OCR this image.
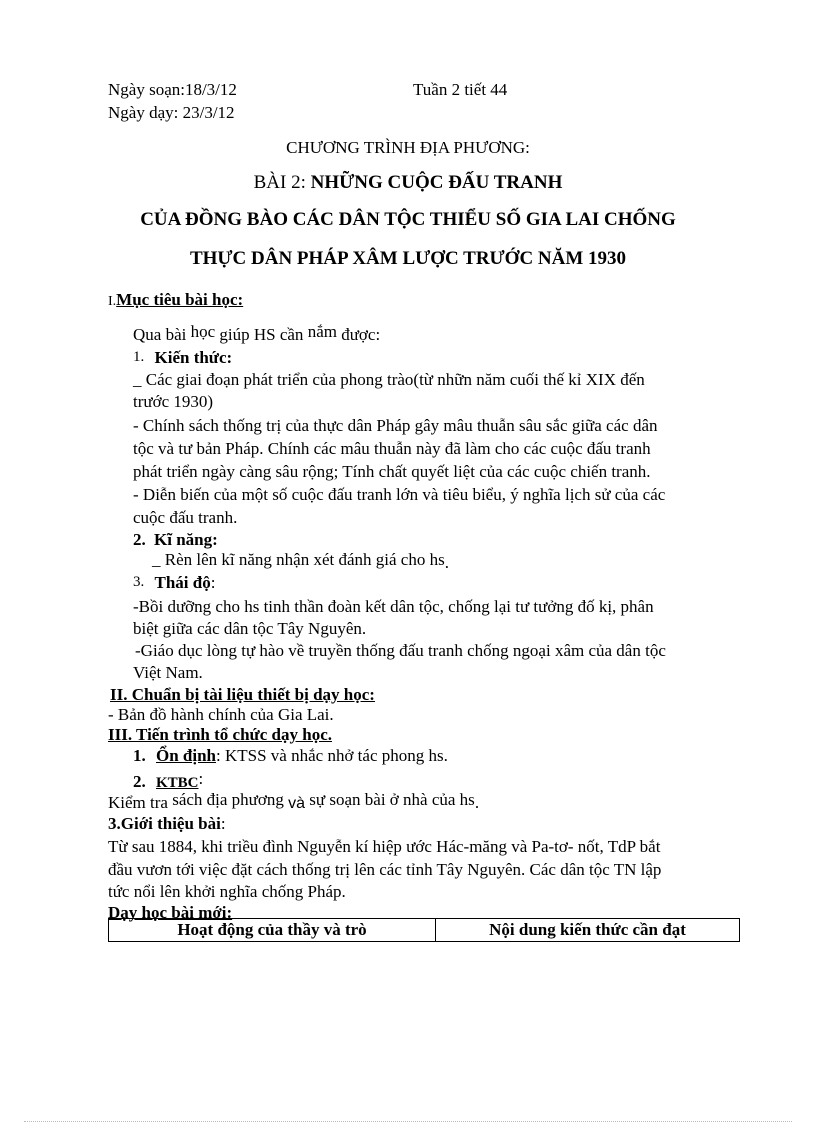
Ngày soạn:18/3/12	Tuần 2 tiết 44
Ngày dạy: 23/3/12
CHƯƠNG TRÌNH ĐỊA PHƯƠNG:
BÀI 2: NHỮNG CUỘC ĐẤU TRANH
CỦA ĐỒNG BÀO CÁC DÂN TỘC THIỂU SỐ GIA LAI CHỐNG
THỰC DÂN PHÁP XÂM LƯỢC TRƯỚC NĂM 1930
I.Mục tiêu bài học:
Qua bài học giúp HS cần nắm được:
1. Kiến thức:
_ Các giai đoạn phát triển của phong trào(từ nhữn năm cuối thế kỉ XIX đến
trước 1930)
- Chính sách thống trị của thực dân Pháp gây mâu thuẫn sâu sắc giữa các dân
tộc và tư bản Pháp. Chính các mâu thuẫn này đã làm cho các cuộc đấu tranh
phát triển ngày càng sâu rộng; Tính chất quyết liệt của các cuộc chiến tranh.
- Diễn biến của một số cuộc đấu tranh lớn và tiêu biểu, ý nghĩa lịch sử của các
cuộc đấu tranh.
2. Kĩ năng:
_ Rèn lên kĩ năng nhận xét đánh giá cho hs.
3. Thái độ:
-Bồi dưỡng cho hs tinh thần đoàn kết dân tộc, chống lại tư tưởng đố kị, phân
biệt giữa các dân tộc Tây Nguyên.
-Giáo dục lòng tự hào về truyền thống đấu tranh chống ngoại xâm của dân tộc
Việt Nam.
II. Chuẩn bị tài liệu thiết bị dạy học:
- Bản đồ hành chính của Gia Lai.
III. Tiến trình tổ chức dạy học.
1. Ổn định: KTSS và nhắc nhở tác phong hs.
2. KTBC:
Kiểm tra sách địa phương và sự soạn bài ở nhà của hs.
3.Giới thiệu bài:
Từ sau 1884, khi triều đình Nguyễn kí hiệp ước Hác-măng và Pa-tơ- nốt, TdP bắt
đầu vươn tới việc đặt cách thống trị lên các tỉnh Tây Nguyên. Các dân tộc TN lập
tức nổi lên khởi nghĩa chống Pháp.
Dạy học bài mới:
Hoạt động của thầy và trò	Nội dung kiến thức cần đạt
